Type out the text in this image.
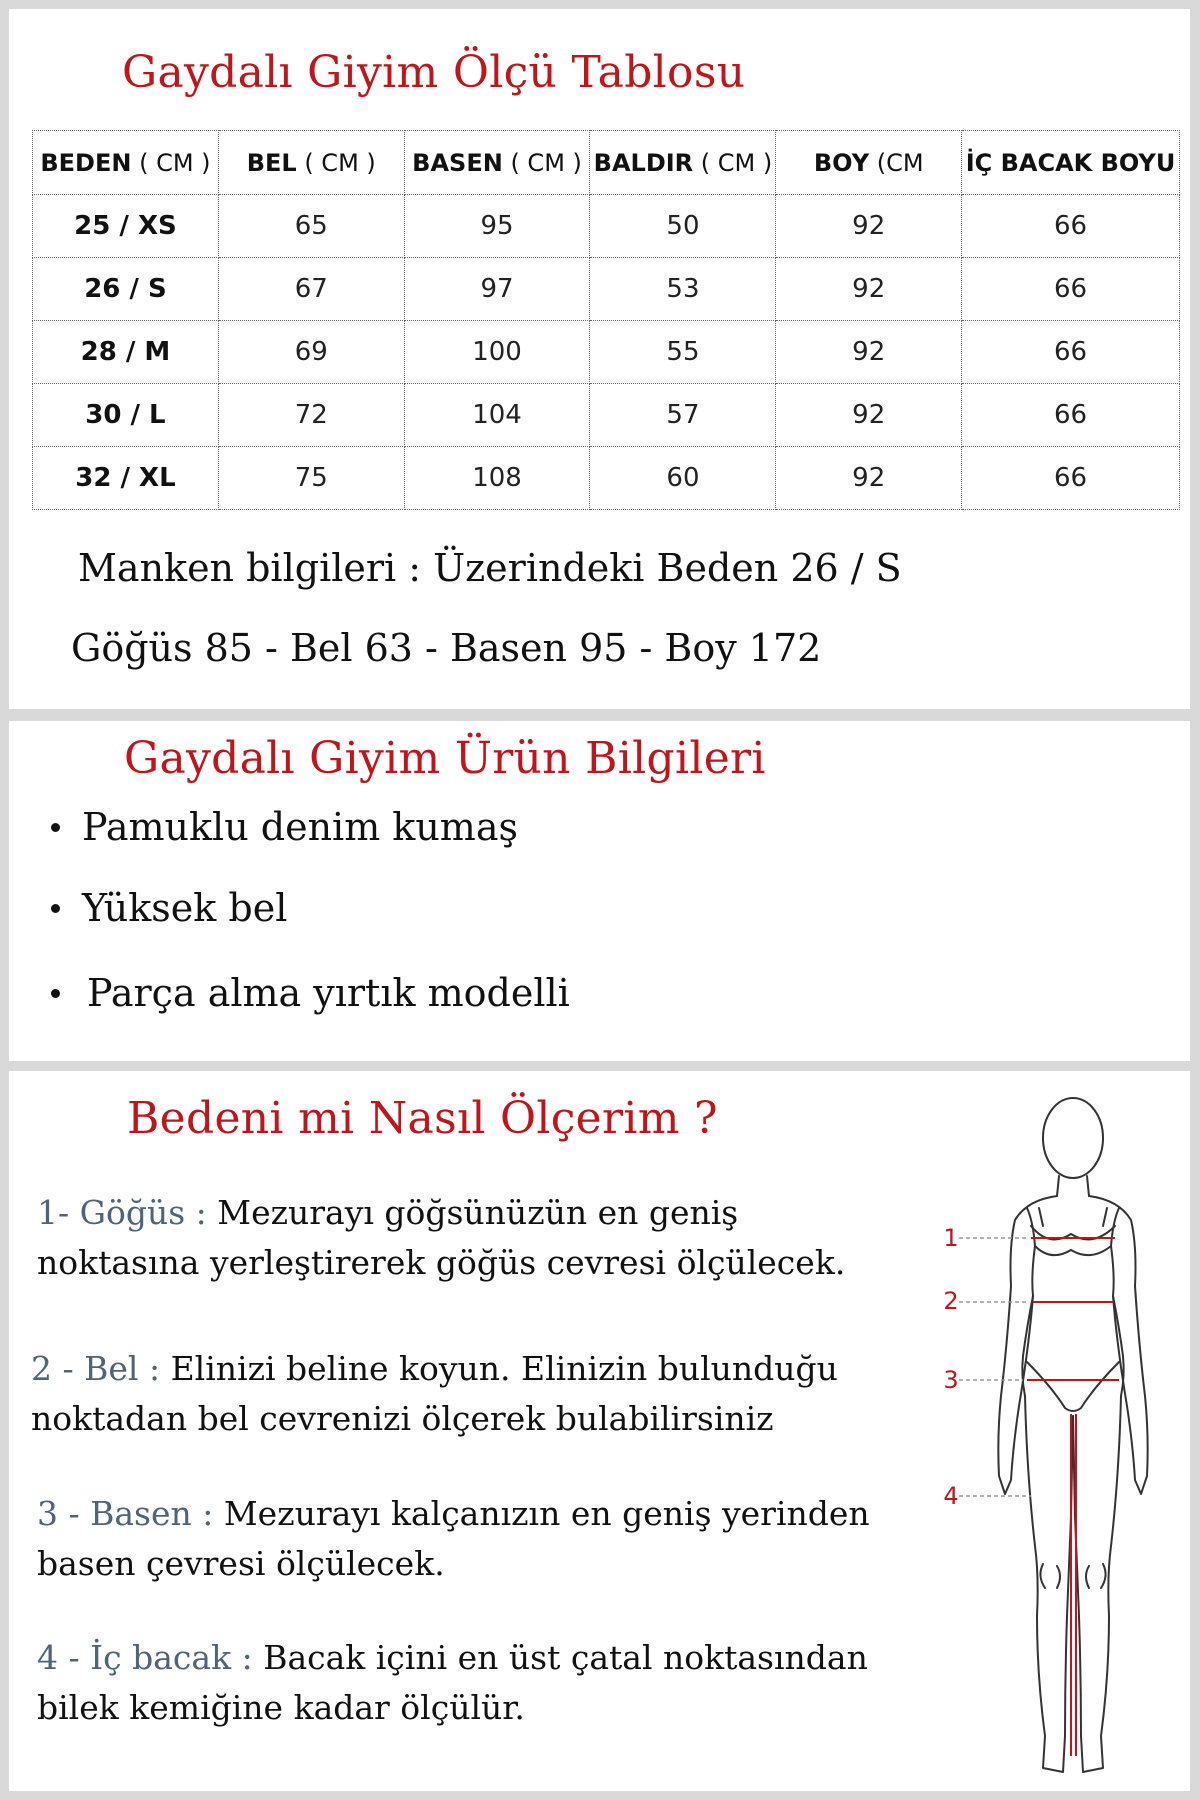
Gaydalı Giyim Ölçü Tablosu
BEDEN ( CM )	BEL ( CM )	BASEN ( CM )	BALDIR ( CM )	BOY (CM	İÇ BACAK BOYU
25 / XS	65	95	50	92	66
26 / S	67	97	53	92	66
28 / M	69	100	55	92	66
30 / L	72	104	57	92	66
32 / XL	75	108	60	92	66
Manken bilgileri : Üzerindeki Beden 26 / S
Göğüs 85 - Bel 63 - Basen 95 - Boy 172
Gaydalı Giyim Ürün Bilgileri
Pamuklu denim kumaş
Yüksek bel
Parça alma yırtık modelli
Bedeni mi Nasıl Ölçerim ?
1- Göğüs : Mezurayı göğsünüzün en geniş noktasına yerleştirerek göğüs cevresi ölçülecek.
2 - Bel : Elinizi beline koyun. Elinizin bulunduğu noktadan bel cevrenizi ölçerek bulabilirsiniz
3 - Basen : Mezurayı kalçanızın en geniş yerinden basen çevresi ölçülecek.
4 - İç bacak : Bacak içini en üst çatal noktasından bilek kemiğine kadar ölçülür.
1
2
3
4
